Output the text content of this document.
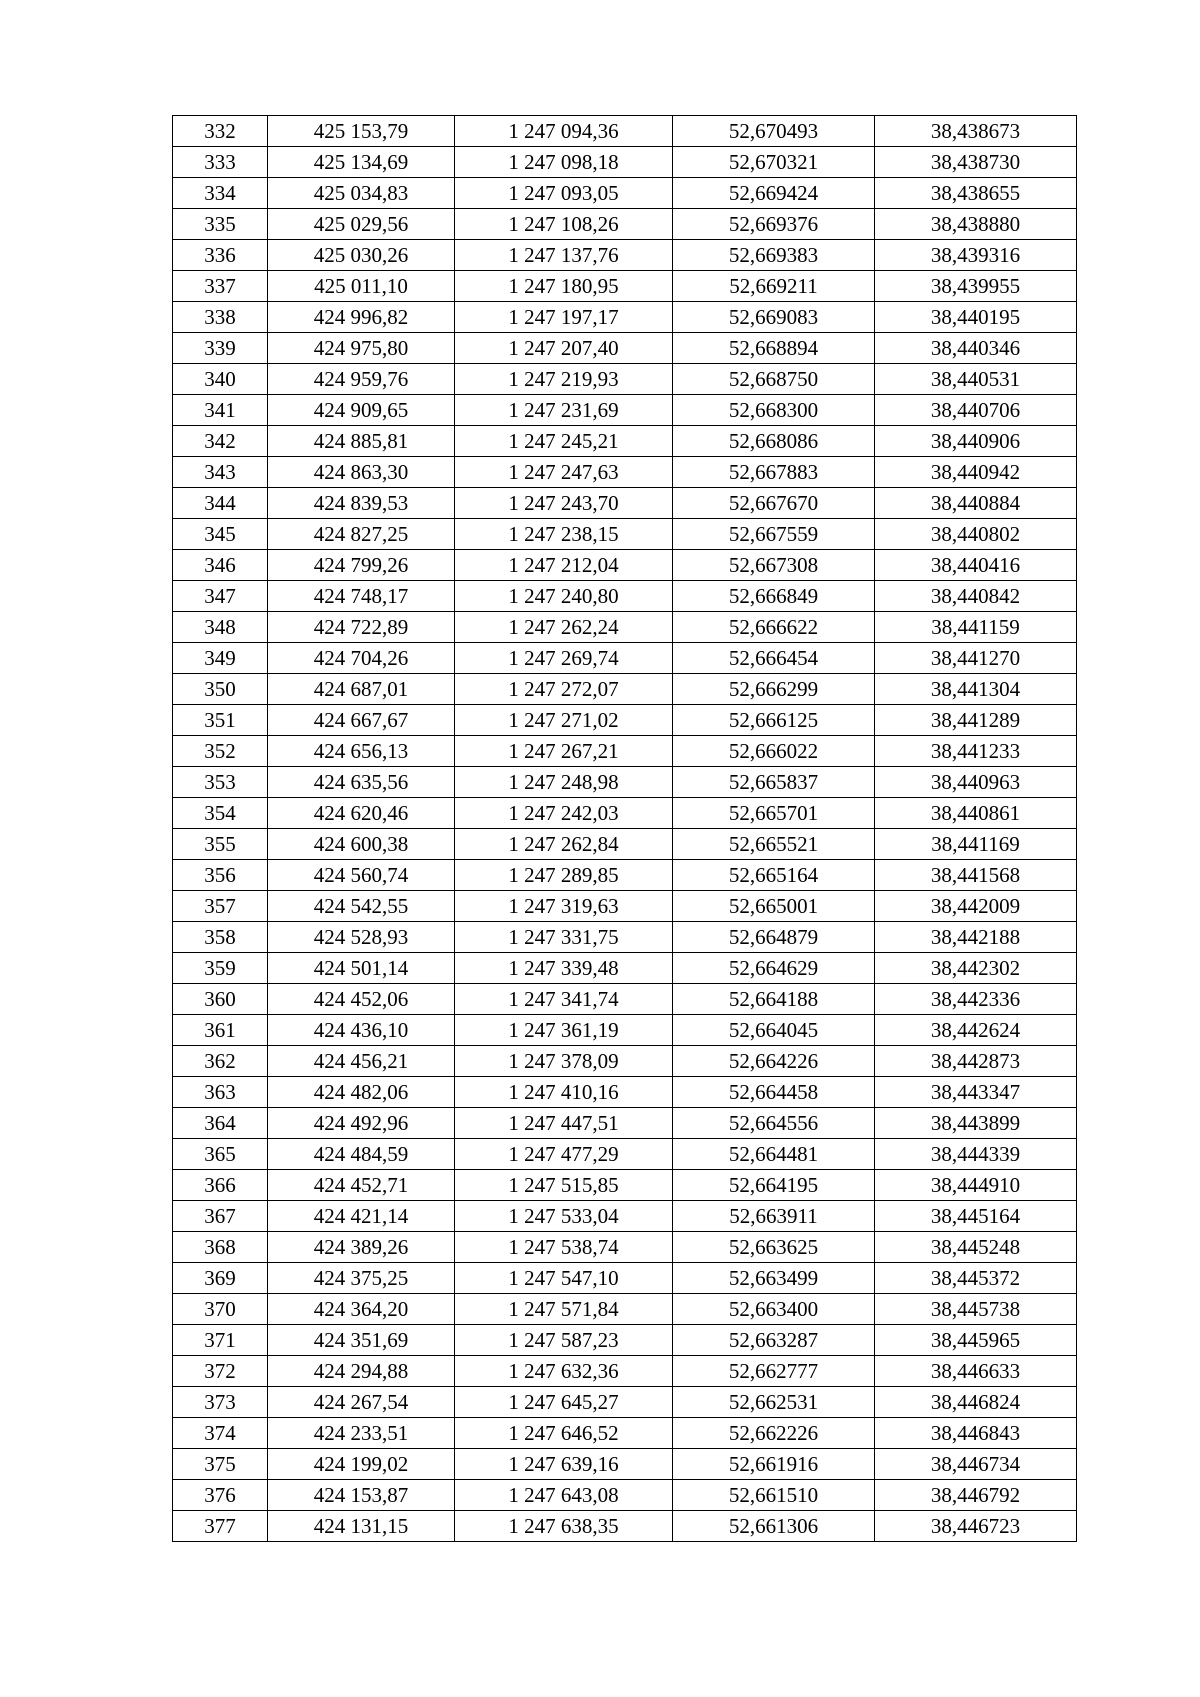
332	425 153,79	1 247 094,36	52,670493	38,438673
333	425 134,69	1 247 098,18	52,670321	38,438730
334	425 034,83	1 247 093,05	52,669424	38,438655
335	425 029,56	1 247 108,26	52,669376	38,438880
336	425 030,26	1 247 137,76	52,669383	38,439316
337	425 011,10	1 247 180,95	52,669211	38,439955
338	424 996,82	1 247 197,17	52,669083	38,440195
339	424 975,80	1 247 207,40	52,668894	38,440346
340	424 959,76	1 247 219,93	52,668750	38,440531
341	424 909,65	1 247 231,69	52,668300	38,440706
342	424 885,81	1 247 245,21	52,668086	38,440906
343	424 863,30	1 247 247,63	52,667883	38,440942
344	424 839,53	1 247 243,70	52,667670	38,440884
345	424 827,25	1 247 238,15	52,667559	38,440802
346	424 799,26	1 247 212,04	52,667308	38,440416
347	424 748,17	1 247 240,80	52,666849	38,440842
348	424 722,89	1 247 262,24	52,666622	38,441159
349	424 704,26	1 247 269,74	52,666454	38,441270
350	424 687,01	1 247 272,07	52,666299	38,441304
351	424 667,67	1 247 271,02	52,666125	38,441289
352	424 656,13	1 247 267,21	52,666022	38,441233
353	424 635,56	1 247 248,98	52,665837	38,440963
354	424 620,46	1 247 242,03	52,665701	38,440861
355	424 600,38	1 247 262,84	52,665521	38,441169
356	424 560,74	1 247 289,85	52,665164	38,441568
357	424 542,55	1 247 319,63	52,665001	38,442009
358	424 528,93	1 247 331,75	52,664879	38,442188
359	424 501,14	1 247 339,48	52,664629	38,442302
360	424 452,06	1 247 341,74	52,664188	38,442336
361	424 436,10	1 247 361,19	52,664045	38,442624
362	424 456,21	1 247 378,09	52,664226	38,442873
363	424 482,06	1 247 410,16	52,664458	38,443347
364	424 492,96	1 247 447,51	52,664556	38,443899
365	424 484,59	1 247 477,29	52,664481	38,444339
366	424 452,71	1 247 515,85	52,664195	38,444910
367	424 421,14	1 247 533,04	52,663911	38,445164
368	424 389,26	1 247 538,74	52,663625	38,445248
369	424 375,25	1 247 547,10	52,663499	38,445372
370	424 364,20	1 247 571,84	52,663400	38,445738
371	424 351,69	1 247 587,23	52,663287	38,445965
372	424 294,88	1 247 632,36	52,662777	38,446633
373	424 267,54	1 247 645,27	52,662531	38,446824
374	424 233,51	1 247 646,52	52,662226	38,446843
375	424 199,02	1 247 639,16	52,661916	38,446734
376	424 153,87	1 247 643,08	52,661510	38,446792
377	424 131,15	1 247 638,35	52,661306	38,446723
